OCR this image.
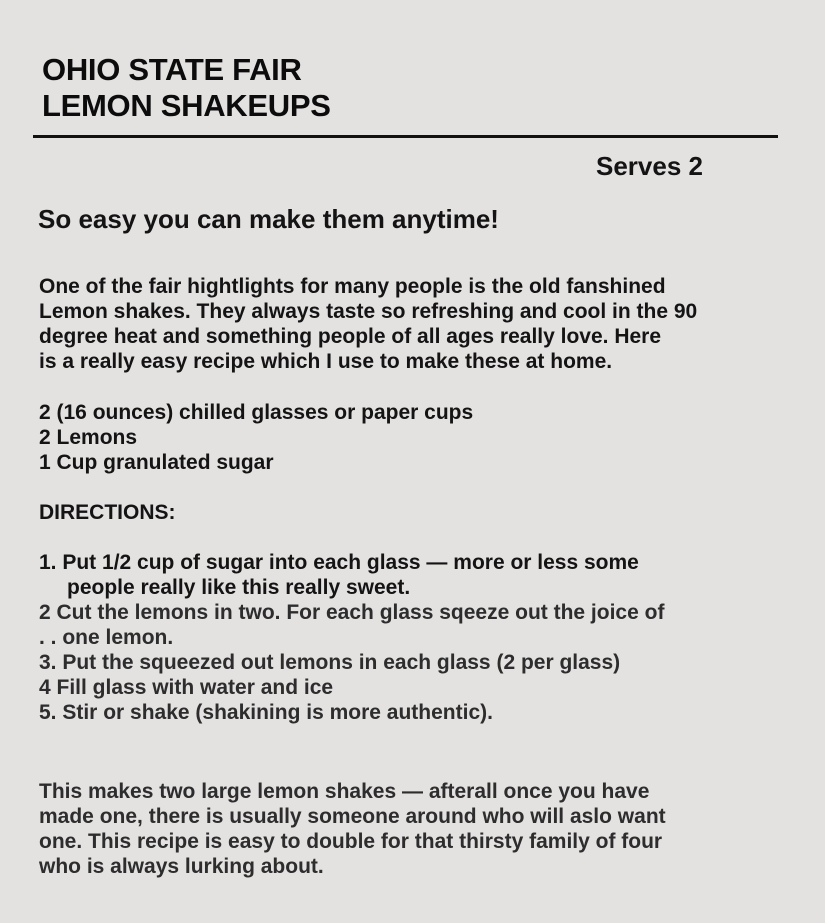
OHIO STATE FAIR
LEMON SHAKEUPS
Serves 2
So easy you can make them anytime!
One of the fair hightlights for many people is the old fanshined
Lemon shakes. They always taste so refreshing and cool in the 90
degree heat and something people of all ages really love. Here
is a really easy recipe which I use to make these at home.
2 (16 ounces) chilled glasses or paper cups
2 Lemons
1 Cup granulated sugar
DIRECTIONS:
1. Put 1/2 cup of sugar into each glass — more or less some
people really like this really sweet.
2 Cut the lemons in two. For each glass sqeeze out the joice of
. . one lemon.
3. Put the squeezed out lemons in each glass (2 per glass)
4 Fill glass with water and ice
5. Stir or shake (shakining is more authentic).
This makes two large lemon shakes — afterall once you have
made one, there is usually someone around who will aslo want
one. This recipe is easy to double for that thirsty family of four
who is always lurking about.
